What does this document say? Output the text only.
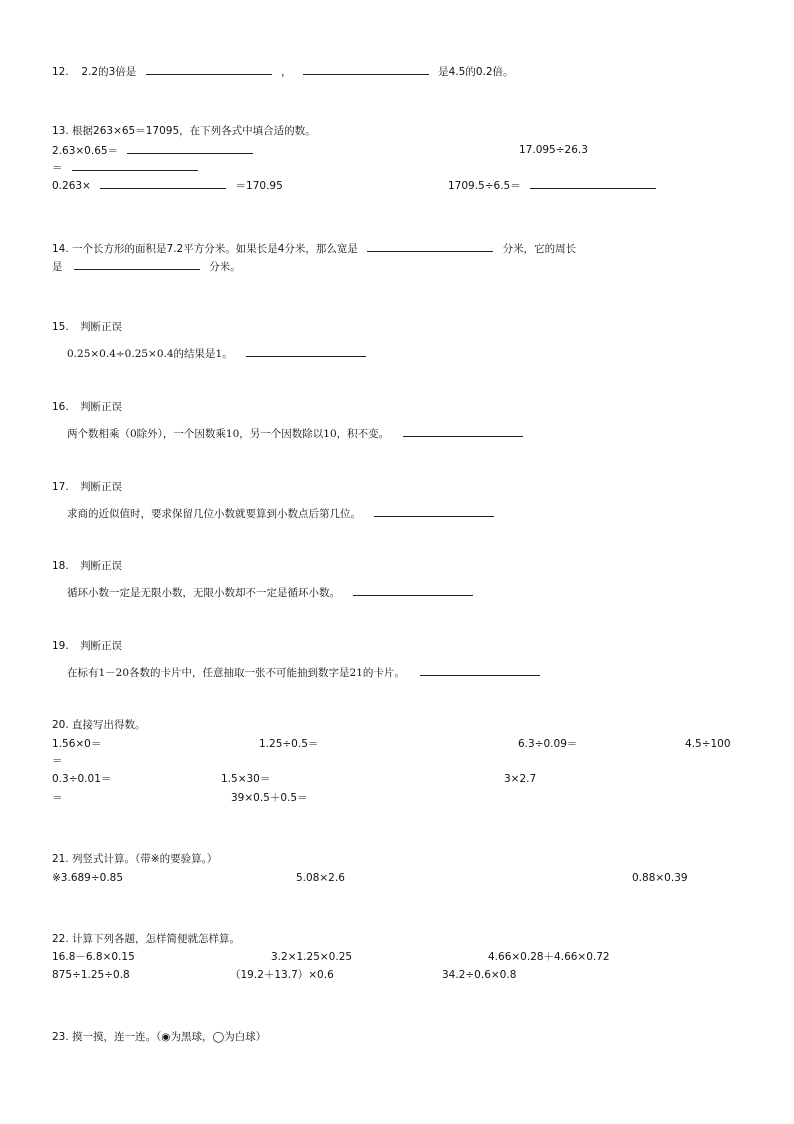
12. 2.2的3倍是	，	是4.5的0.2倍。
13. 根据263×65＝17095，在下列各式中填合适的数。
2.63×0.65＝	17.095÷26.3
＝
0.263×	＝170.95	1709.5÷6.5＝
14. 一个长方形的面积是7.2平方分米。如果长是4分米，那么宽是	分米，它的周长
是	分米。
15. 判断正误
0.25×0.4÷0.25×0.4的结果是1。
16. 判断正误
两个数相乘（0除外），一个因数乘10，另一个因数除以10，积不变。
17. 判断正误
求商的近似值时，要求保留几位小数就要算到小数点后第几位。
18. 判断正误
循环小数一定是无限小数，无限小数却不一定是循环小数。
19. 判断正误
在标有1－20各数的卡片中，任意抽取一张不可能抽到数字是21的卡片。
20. 直接写出得数。
1.56×0＝	1.25÷0.5＝	6.3÷0.09＝	4.5÷100
＝
0.3÷0.01＝	1.5×30＝	3×2.7
＝	39×0.5＋0.5＝
21. 列竖式计算。（带※的要验算。）
※3.689÷0.85	5.08×2.6	0.88×0.39
22. 计算下列各题，怎样简便就怎样算。
16.8－6.8×0.15	3.2×1.25×0.25	4.66×0.28＋4.66×0.72
875÷1.25÷0.8	（19.2＋13.7）×0.6	34.2÷0.6×0.8
23. 摸一摸，连一连。（◉为黑球，◯为白球）
